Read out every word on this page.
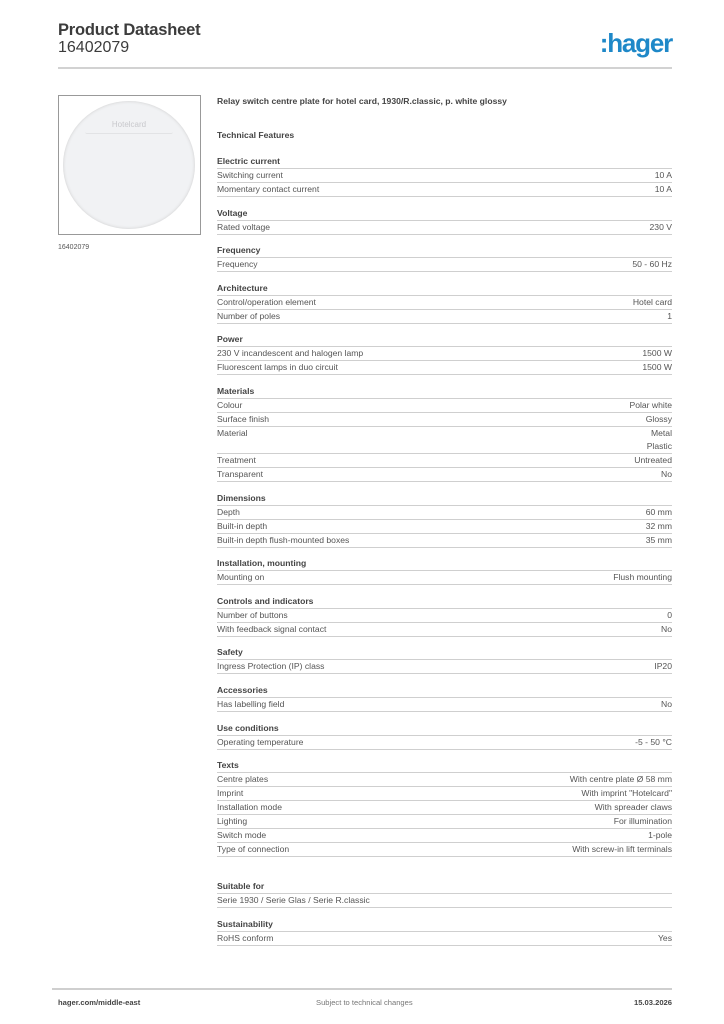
Product Datasheet
16402079	:hager
Hotelcard
16402079
Relay switch centre plate for hotel card, 1930/R.classic, p. white glossy
Technical Features
Electric current
Switching current	10 A
Momentary contact current	10 A
Voltage
Rated voltage	230 V
Frequency
Frequency	50 - 60 Hz
Architecture
Control/operation element	Hotel card
Number of poles	1
Power
230 V incandescent and halogen lamp	1500 W
Fluorescent lamps in duo circuit	1500 W
Materials
Colour	Polar white
Surface finish	Glossy
Material	Metal
Plastic
Treatment	Untreated
Transparent	No
Dimensions
Depth	60 mm
Built-in depth	32 mm
Built-in depth flush-mounted boxes	35 mm
Installation, mounting
Mounting on	Flush mounting
Controls and indicators
Number of buttons	0
With feedback signal contact	No
Safety
Ingress Protection (IP) class	IP20
Accessories
Has labelling field	No
Use conditions
Operating temperature	-5 - 50 °C
Texts
Centre plates	With centre plate Ø 58 mm
Imprint	With imprint "Hotelcard"
Installation mode	With spreader claws
Lighting	For illumination
Switch mode	1-pole
Type of connection	With screw-in lift terminals
Suitable for
Serie 1930 / Serie Glas / Serie R.classic
Sustainability
RoHS conform	Yes
hager.com/middle-east	Subject to technical changes	15.03.2026
